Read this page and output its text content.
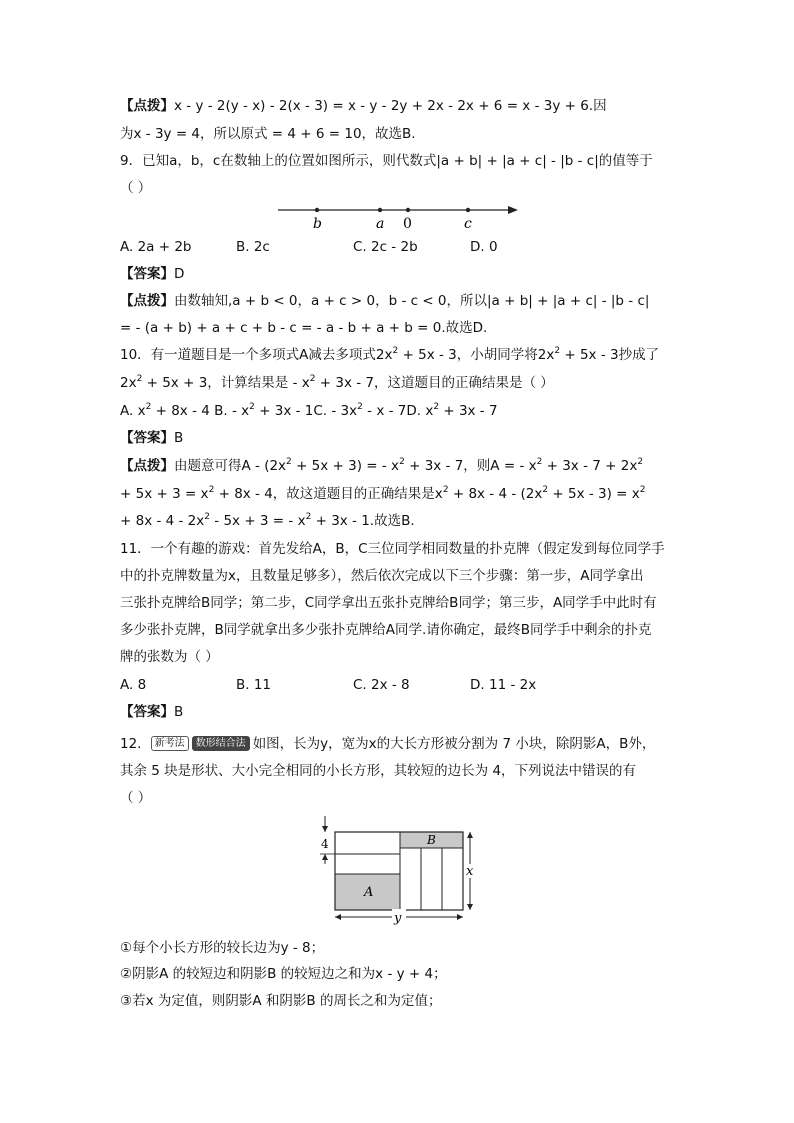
【点拨】x - y - 2(y - x) - 2(x - 3) = x - y - 2y + 2x - 2x + 6 = x - 3y + 6.因
为x - 3y = 4，所以原式 = 4 + 6 = 10，故选B.
9．已知a，b，c在数轴上的位置如图所示，则代数式|a + b| + |a + c| - |b - c|的值等于
（ ）
b	a 0	c
A. 2a + 2b	B. 2c	C. 2c - 2b	D. 0
【答案】D
【点拨】由数轴知,a + b < 0，a + c > 0，b - c < 0，所以|a + b| + |a + c| - |b - c|
= - (a + b) + a + c + b - c = - a - b + a + b = 0.故选D.
10．有一道题目是一个多项式A减去多项式$2x^2 + 5x - 3$，小胡同学将$2x^2 + 5x - 3$抄成了
$2x^2 + 5x + 3$，计算结果是 - $x^2 + 3x - 7$，这道题目的正确结果是（ ）
A. $x^2 + 8x - 4$ B. - $x^2 + 3x - 1C$. - $3x^2$ - x - 7D. $x^2 + 3x - 7$
【答案】B
【点拨】由题意可得$A - (2x^2 + 5x + 3)$ = - $x^2 + 3x - 7$，则A = - $x^2 + 3x - 7 + 2x^2$
+ $5x + 3 = x^2 + 8x - 4$，故这道题目的正确结果是$x^2 + 8x - 4 - (2x^2 + 5x - 3) = x^2$
+ $8x - 4 - 2x^2 - 5x + 3$ = - $x^2 + 3x - 1$.故选B.
11．一个有趣的游戏：首先发给A，B，C三位同学相同数量的扑克牌（假定发到每位同学手
中的扑克牌数量为x，且数量足够多），然后依次完成以下三个步骤：第一步，A同学拿出
三张扑克牌给B同学；第二步，C同学拿出五张扑克牌给B同学；第三步，A同学手中此时有
多少张扑克牌，B同学就拿出多少张扑克牌给A同学.请你确定，最终B同学手中剩余的扑克
牌的张数为（ ）
A. 8	B. 11	C. 2x - 8	D. 11 - 2x
【答案】B
12． 新考法 数形结合法 如图，长为y，宽为x的大长方形被分割为 7 小块，除阴影A，B外，
其余 5 块是形状、大小完全相同的小长方形，其较短的边长为 4，下列说法中错误的有
（ ）
4
x
y
A
B
①每个小长方形的较长边为y - 8；
②阴影A 的较短边和阴影B 的较短边之和为x - y + 4；
③若x 为定值，则阴影A 和阴影B 的周长之和为定值；
